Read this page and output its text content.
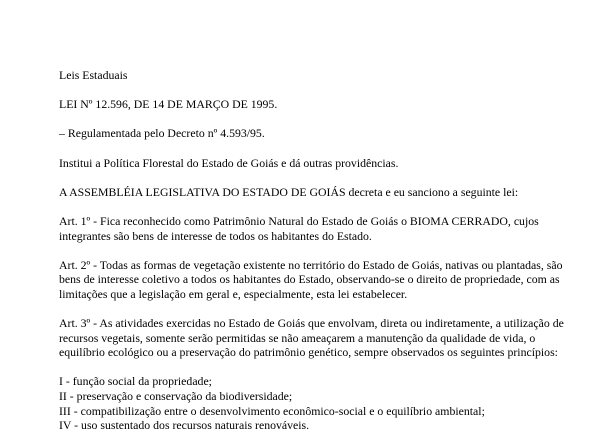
Leis Estaduais

LEI Nº 12.596, DE 14 DE MARÇO DE 1995.

– Regulamentada pelo Decreto nº 4.593/95.

Institui a Política Florestal do Estado de Goiás e dá outras providências.

A ASSEMBLÉIA LEGISLATIVA DO ESTADO DE GOIÁS decreta e eu sanciono a seguinte lei:

Art. 1º - Fica reconhecido como Patrimônio Natural do Estado de Goiás o BIOMA CERRADO, cujos integrantes são bens de interesse de todos os habitantes do Estado.

Art. 2º - Todas as formas de vegetação existente no território do Estado de Goiás, nativas ou plantadas, são bens de interesse coletivo a todos os habitantes do Estado, observando-se o direito de propriedade, com as limitações que a legislação em geral e, especialmente, esta lei estabelecer.

Art. 3º - As atividades exercidas no Estado de Goiás que envolvam, direta ou indiretamente, a utilização de recursos vegetais, somente serão permitidas se não ameaçarem a manutenção da qualidade de vida, o equilíbrio ecológico ou a preservação do patrimônio genético, sempre observados os seguintes princípios:

I - função social da propriedade;
II - preservação e conservação da biodiversidade;
III - compatibilização entre o desenvolvimento econômico-social e o equilíbrio ambiental;
IV - uso sustentado dos recursos naturais renováveis.
